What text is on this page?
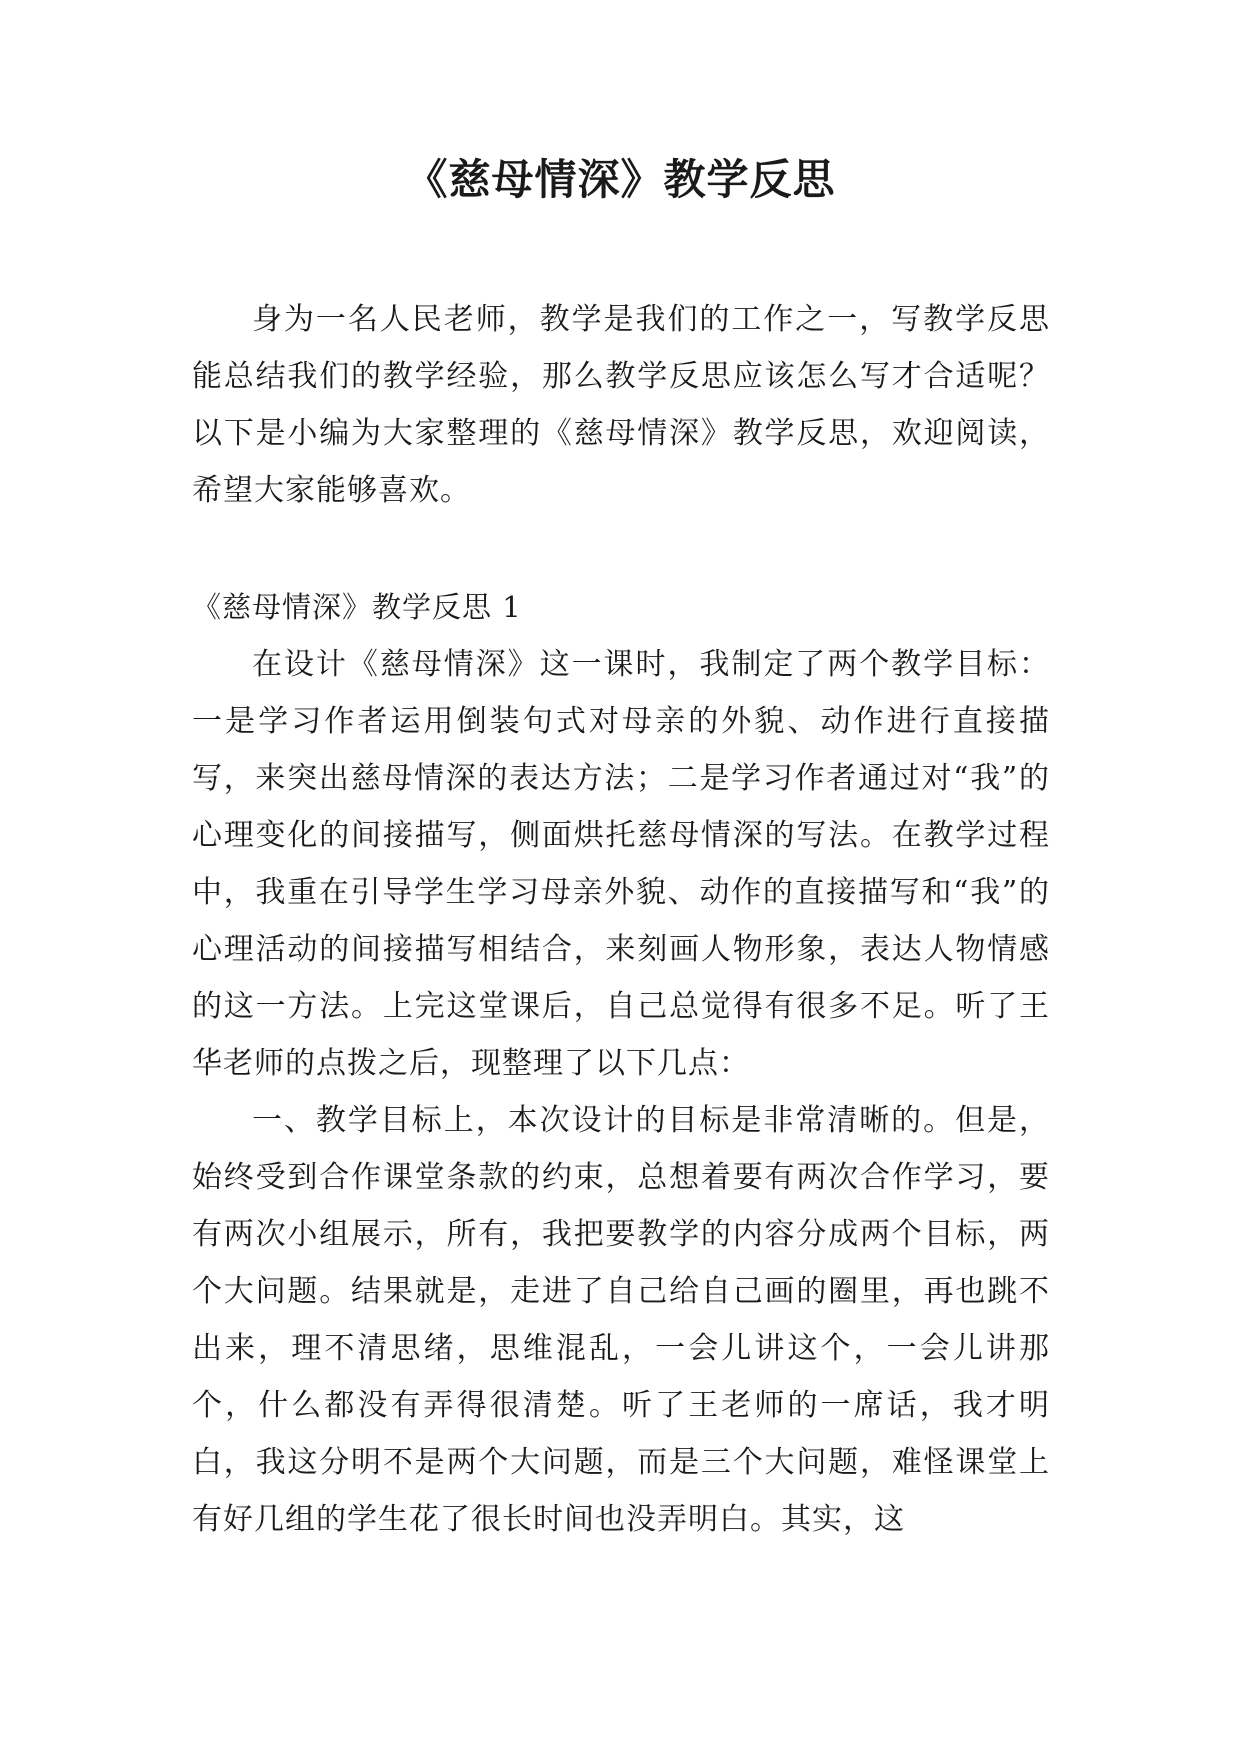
《慈母情深》教学反思

身为一名人民老师，教学是我们的工作之一，写教学反思能总结我们的教学经验，那么教学反思应该怎么写才合适呢？以下是小编为大家整理的《慈母情深》教学反思，欢迎阅读，希望大家能够喜欢。

《慈母情深》教学反思 1

在设计《慈母情深》这一课时，我制定了两个教学目标：一是学习作者运用倒装句式对母亲的外貌、动作进行直接描写，来突出慈母情深的表达方法；二是学习作者通过对“我”的心理变化的间接描写，侧面烘托慈母情深的写法。在教学过程中，我重在引导学生学习母亲外貌、动作的直接描写和“我”的心理活动的间接描写相结合，来刻画人物形象，表达人物情感的这一方法。上完这堂课后，自己总觉得有很多不足。听了王华老师的点拨之后，现整理了以下几点：

一、教学目标上，本次设计的目标是非常清晰的。但是，始终受到合作课堂条款的约束，总想着要有两次合作学习，要有两次小组展示，所有，我把要教学的内容分成两个目标，两个大问题。结果就是，走进了自己给自己画的圈里，再也跳不出来，理不清思绪，思维混乱，一会儿讲这个，一会儿讲那个，什么都没有弄得很清楚。听了王老师的一席话，我才明白，我这分明不是两个大问题，而是三个大问题，难怪课堂上有好几组的学生花了很长时间也没弄明白。其实，这
